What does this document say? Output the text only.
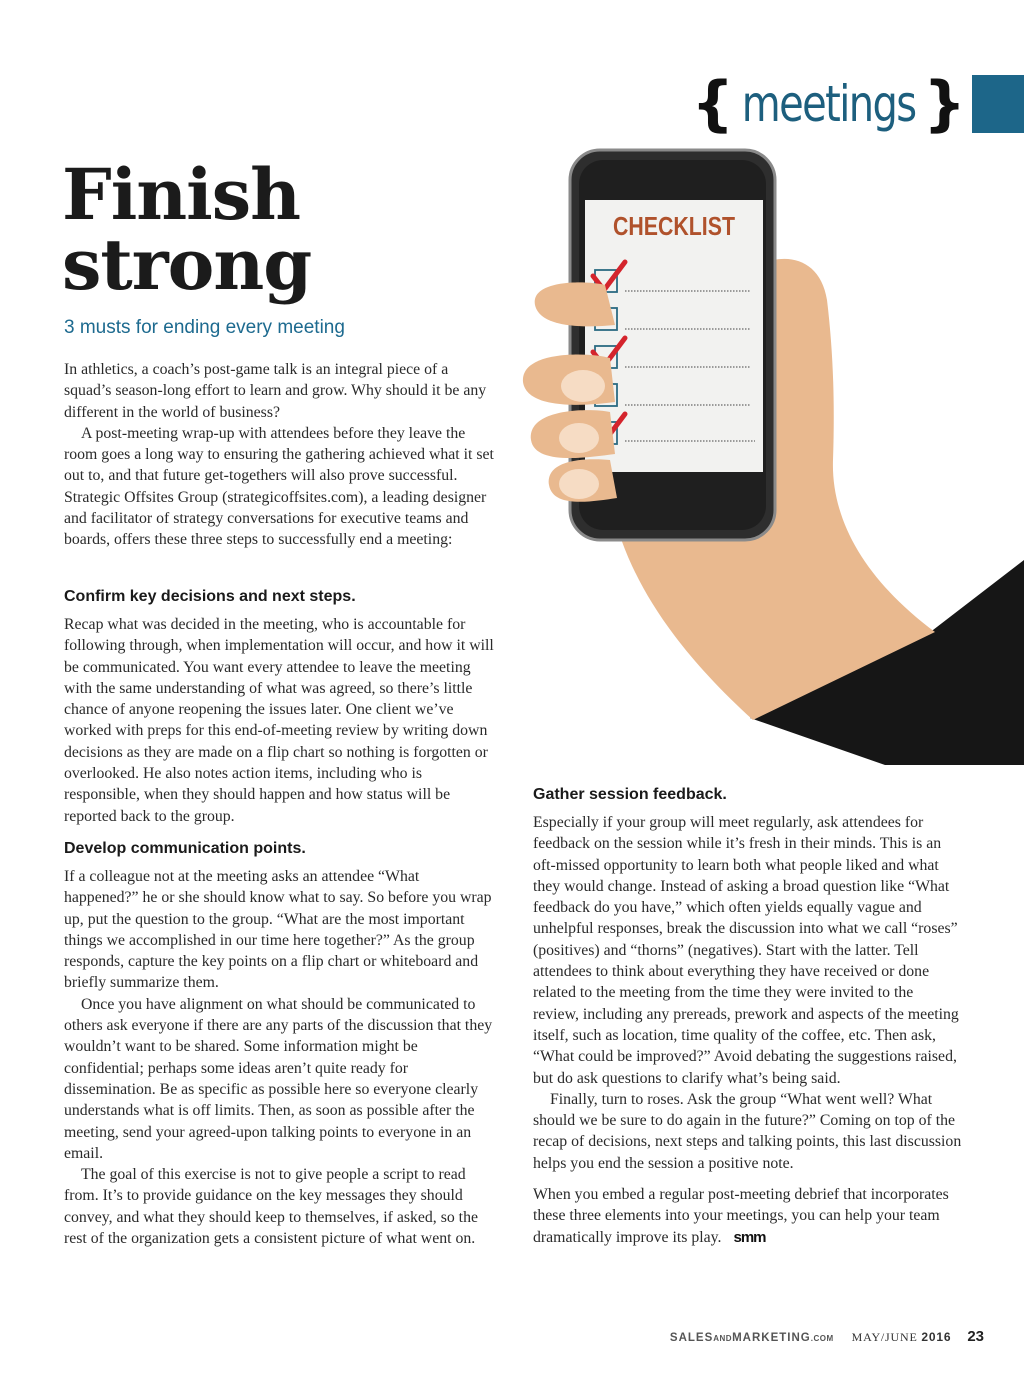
{ meetings }
Finish
strong
3 musts for ending every meeting

In athletics, a coach’s post-game talk is an integral piece of a squad’s season-long effort to learn and grow. Why should it be any different in the world of business?

A post-meeting wrap-up with attendees before they leave the room goes a long way to ensuring the gathering achieved what it set out to, and that future get-togethers will also prove successful. Strategic Offsites Group (strategicoffsites.com), a leading designer and facilitator of strategy conversations for executive teams and boards, offers these three steps to successfully end a meeting:

Confirm key decisions and next steps.

Recap what was decided in the meeting, who is accountable for following through, when implementation will occur, and how it will be communicated. You want every attendee to leave the meeting with the same understanding of what was agreed, so there’s little chance of anyone reopening the issues later. One client we’ve worked with preps for this end-of-meeting review by writing down decisions as they are made on a flip chart so nothing is forgotten or overlooked. He also notes action items, including who is responsible, when they should happen and how status will be reported back to the group.

Develop communication points.

If a colleague not at the meeting asks an attendee “What happened?” he or she should know what to say. So before you wrap up, put the question to the group. “What are the most important things we accomplished in our time here together?” As the group responds, capture the key points on a flip chart or whiteboard and briefly summarize them.

Once you have alignment on what should be communicated to others ask everyone if there are any parts of the discussion that they wouldn’t want to be shared. Some information might be confidential; perhaps some ideas aren’t quite ready for dissemination. Be as specific as possible here so everyone clearly understands what is off limits. Then, as soon as possible after the meeting, send your agreed-upon talking points to everyone in an email.

The goal of this exercise is not to give people a script to read from. It’s to provide guidance on the key messages they should convey, and what they should keep to themselves, if asked, so the rest of the organization gets a consistent picture of what went on.

Gather session feedback.

Especially if your group will meet regularly, ask attendees for feedback on the session while it’s fresh in their minds. This is an oft-missed opportunity to learn both what people liked and what they would change. Instead of asking a broad question like “What feedback do you have,” which often yields equally vague and unhelpful responses, break the discussion into what we call “roses” (positives) and “thorns” (negatives). Start with the latter. Tell attendees to think about everything they have received or done related to the meeting from the time they were invited to the review, including any prereads, prework and aspects of the meeting itself, such as location, time quality of the coffee, etc. Then ask, “What could be improved?” Avoid debating the suggestions raised, but do ask questions to clarify what’s being said.

Finally, turn to roses. Ask the group “What went well? What should we be sure to do again in the future?” Coming on top of the recap of decisions, next steps and talking points, this last discussion helps you end the session a positive note.

When you embed a regular post-meeting debrief that incorporates these three elements into your meetings, you can help your team dramatically improve its play. smm

CHECKLIST
SALESANDMARKETING.COM MAY/JUNE 2016 23
